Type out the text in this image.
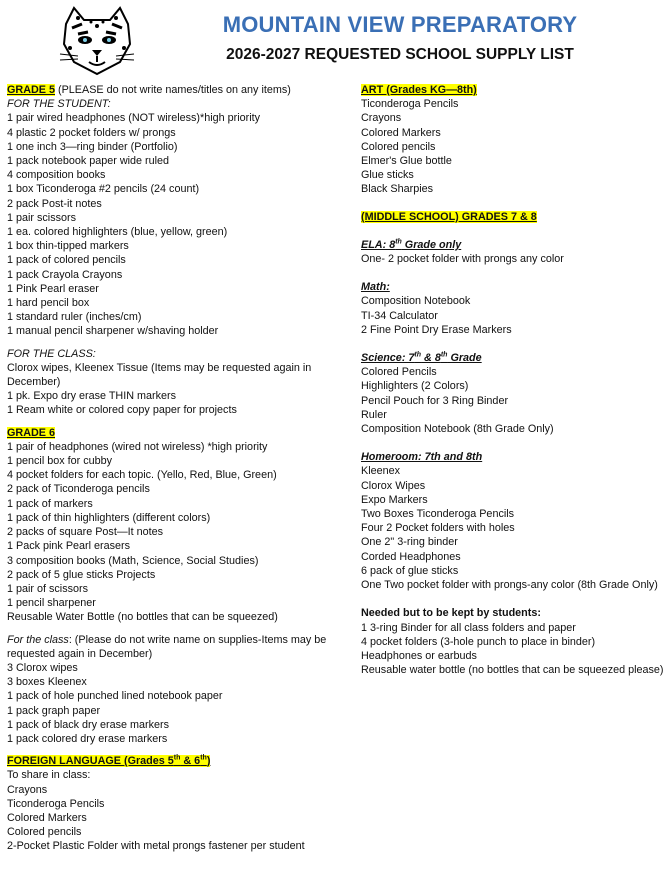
MOUNTAIN VIEW PREPARATORY
2026-2027 REQUESTED SCHOOL SUPPLY LIST
GRADE 5 (PLEASE do not write names/titles on any items)
FOR THE STUDENT:
1 pair wired headphones (NOT wireless)*high priority
4 plastic 2 pocket folders w/ prongs
1 one inch 3—ring binder (Portfolio)
1 pack notebook paper wide ruled
4 composition books
1 box Ticonderoga #2 pencils (24 count)
2 pack Post-it notes
1 pair scissors
1 ea. colored highlighters (blue, yellow, green)
1 box thin-tipped markers
1 pack of colored pencils
1 pack Crayola Crayons
1 Pink Pearl eraser
1 hard pencil box
1 standard ruler (inches/cm)
1 manual pencil sharpener w/shaving holder
FOR THE CLASS:
Clorox wipes, Kleenex Tissue (Items may be requested again in December)
1 pk. Expo dry erase THIN markers
1 Ream white or colored copy paper for projects
GRADE 6
1 pair of headphones (wired not wireless) *high priority
1 pencil box for cubby
4 pocket folders for each topic. (Yello, Red, Blue, Green)
2 pack of Ticonderoga pencils
1 pack of markers
1 pack of thin highlighters (different colors)
2 packs of square Post—It notes
1 Pack pink Pearl erasers
3 composition books (Math, Science, Social Studies)
2 pack of 5 glue sticks Projects
1 pair of scissors
1 pencil sharpener
Reusable Water Bottle (no bottles that can be squeezed)
For the class: (Please do not write name on supplies-Items may be requested again in December)
3 Clorox wipes
3 boxes Kleenex
1 pack of hole punched lined notebook paper
1 pack graph paper
1 pack of black dry erase markers
1 pack colored dry erase markers
FOREIGN LANGUAGE (Grades 5th & 6th)
To share in class:
Crayons
Ticonderoga Pencils
Colored Markers
Colored pencils
2-Pocket Plastic Folder with metal prongs fastener per student
ART (Grades KG—8th)
Ticonderoga Pencils
Crayons
Colored Markers
Colored pencils
Elmer's Glue bottle
Glue sticks
Black Sharpies
(MIDDLE SCHOOL) GRADES 7 & 8
ELA: 8th Grade only
One- 2 pocket folder with prongs any color
Math:
Composition Notebook
TI-34 Calculator
2 Fine Point Dry Erase Markers
Science: 7th & 8th Grade
Colored Pencils
Highlighters (2 Colors)
Pencil Pouch for 3 Ring Binder
Ruler
Composition Notebook (8th Grade Only)
Homeroom: 7th and 8th
Kleenex
Clorox Wipes
Expo Markers
Two Boxes Ticonderoga Pencils
Four 2 Pocket folders with holes
One 2" 3-ring binder
Corded Headphones
6 pack of glue sticks
One Two pocket folder with prongs-any color (8th Grade Only)
Needed but to be kept by students:
1 3-ring Binder for all class folders and paper
4 pocket folders (3-hole punch to place in binder)
Headphones or earbuds
Reusable water bottle (no bottles that can be squeezed please)
